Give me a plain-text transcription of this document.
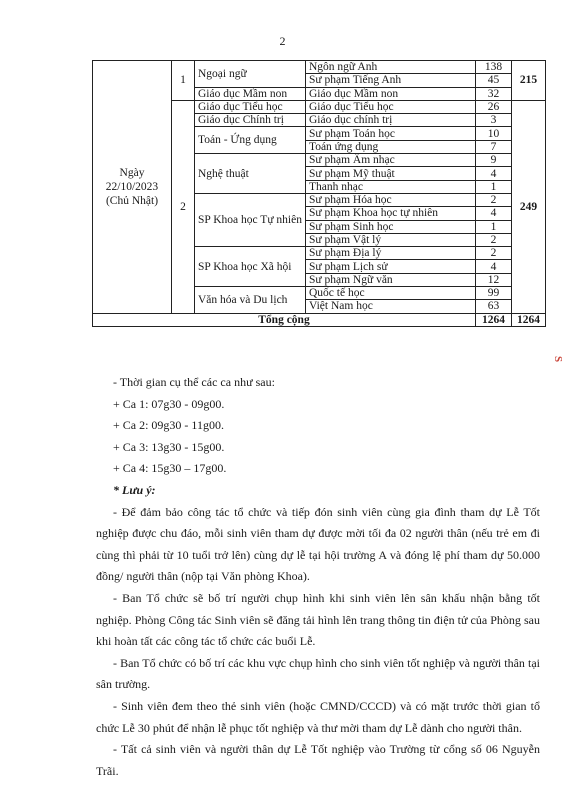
2
Ngày 22/10/2023 (Chủ Nhật)	1	Ngoại ngữ	Ngôn ngữ Anh	138	215
			Sư phạm Tiếng Anh	45	
		Giáo dục Mầm non	Giáo dục Mầm non	32	
	2	Giáo dục Tiểu học	Giáo dục Tiểu học	26	249
		Giáo dục Chính trị	Giáo dục chính trị	3	
		Toán - Ứng dụng	Sư phạm Toán học	10	
			Toán ứng dụng	7	
		Nghệ thuật	Sư phạm Âm nhạc	9	
			Sư phạm Mỹ thuật	4	
			Thanh nhạc	1	
		SP Khoa học Tự nhiên	Sư phạm Hóa học	2	
			Sư phạm Khoa học tự nhiên	4	
			Sư phạm Sinh học	1	
			Sư phạm Vật lý	2	
		SP Khoa học Xã hội	Sư phạm Địa lý	2	
			Sư phạm Lịch sử	4	
			Sư phạm Ngữ văn	12	
		Văn hóa và Du lịch	Quốc tế học	99	
			Việt Nam học	63	
Tổng cộng				1264	1264

- Thời gian cụ thể các ca như sau:

+ Ca 1: 07g30 - 09g00.

+ Ca 2: 09g30 - 11g00.

+ Ca 3: 13g30 - 15g00.

+ Ca 4: 15g30 – 17g00.

* Lưu ý:

- Để đảm bảo công tác tổ chức và tiếp đón sinh viên cùng gia đình tham dự Lễ Tốt nghiệp được chu đáo, mỗi sinh viên tham dự được mời tối đa 02 người thân (nếu trẻ em đi cùng thì phải từ 10 tuổi trở lên) cùng dự lễ tại hội trường A và đóng lệ phí tham dự 50.000 đồng/ người thân (nộp tại Văn phòng Khoa).

- Ban Tổ chức sẽ bố trí người chụp hình khi sinh viên lên sân khấu nhận bằng tốt nghiệp. Phòng Công tác Sinh viên sẽ đăng tải hình lên trang thông tin điện tử của Phòng sau khi hoàn tất các công tác tổ chức các buổi Lễ.

- Ban Tổ chức có bố trí các khu vực chụp hình cho sinh viên tốt nghiệp và người thân tại sân trường.

- Sinh viên đem theo thẻ sinh viên (hoặc CMND/CCCD) và có mặt trước thời gian tổ chức Lễ 30 phút để nhận lễ phục tốt nghiệp và thư mời tham dự Lễ dành cho người thân.

- Tất cả sinh viên và người thân dự Lễ Tốt nghiệp vào Trường từ cổng số 06 Nguyễn Trãi.

S
